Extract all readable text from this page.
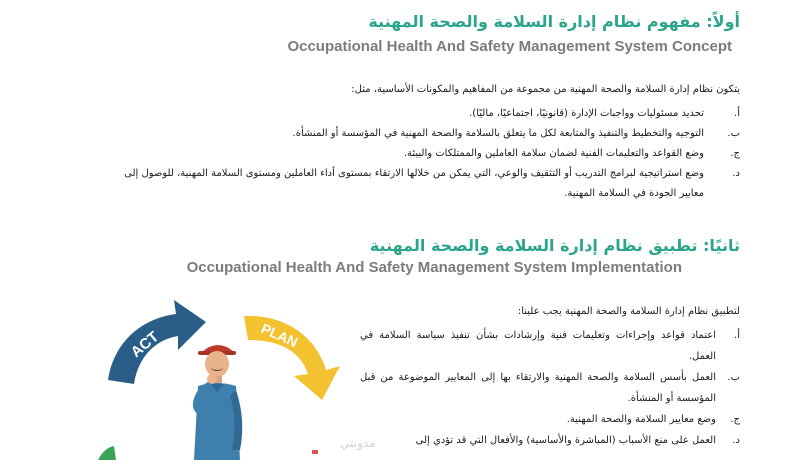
أولاً: مفهوم نظام إدارة السلامة والصحة المهنية
Occupational Health And Safety Management System Concept
يتكون نظام إدارة السلامة والصحة المهنية من مجموعة من المفاهيم والمكونات الأساسية، مثل:
أ.
تحديد مسئوليات وواجبات الإدارة (قانونيًا، اجتماعيًا، ماليًا).
ب.
التوجيه والتخطيط والتنفيذ والمتابعة لكل ما يتعلق بالسلامة والصحة المهنية في المؤسسة أو المنشأة.
ج.
وضع القواعد والتعليمات الفنية لضمان سلامة العاملين والممتلكات والبيئة.
د.
وضع استراتيجية لبرامج التدريب أو التثقيف والوعي، التي يمكن من خلالها الارتقاء بمستوى أداء العاملين ومستوى السلامة المهنية، للوصول إلى معايير الجودة في السلامة المهنية.
ثانيًا: تطبيق نظام إدارة السلامة والصحة المهنية
Occupational Health And Safety Management System Implementation
لتطبيق نظام إدارة السلامة والصحة المهنية يجب علينا:
أ.
اعتماد قواعد وإجراءات وتعليمات فنية وإرشادات بشأن تنفيذ سياسة السلامة في العمل.
ب.
العمل بأسس السلامة والصحة المهنية والارتقاء بها إلى المعايير الموضوعة من قبل المؤسسة أو المنشأة.
ج.
وضع معايير السلامة والصحة المهنية.
د.
العمل على منع الأسباب (المباشرة والأساسية) والأفعال التي قد تؤدي إلى
ACT	PLAN
مدونتي
